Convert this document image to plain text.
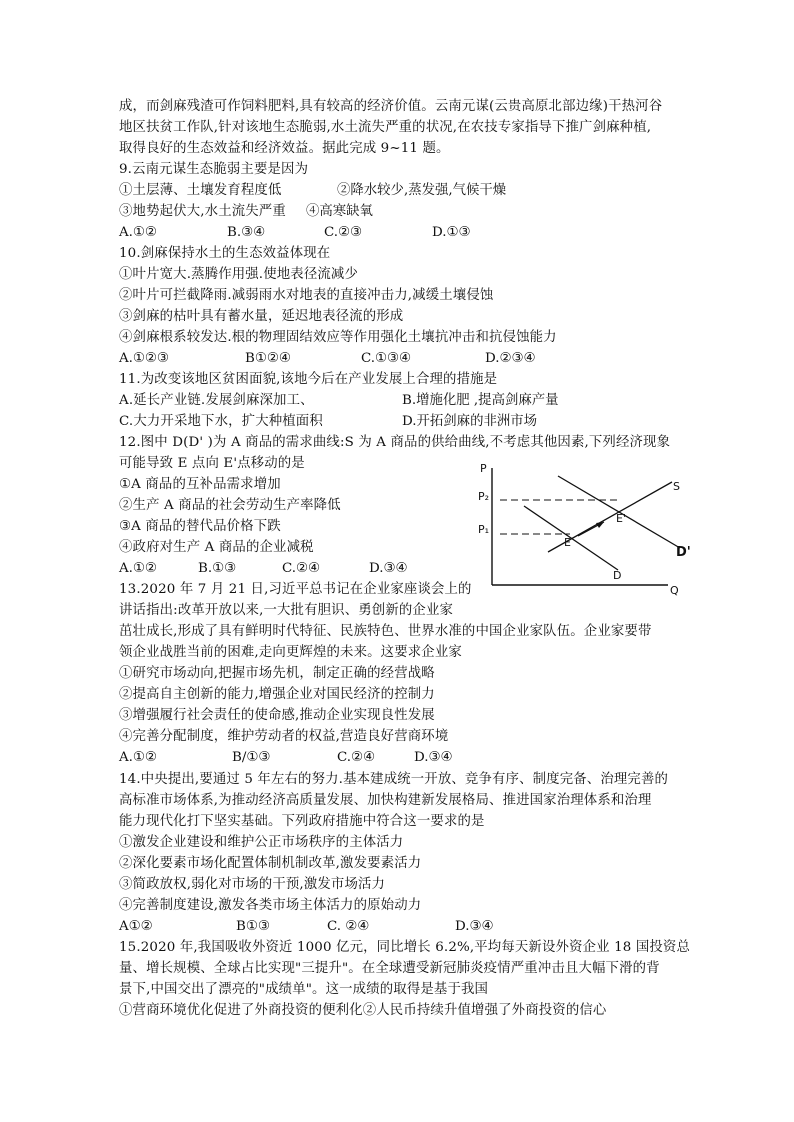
成，而剑麻残渣可作饲料肥料,具有较高的经济价值。云南元谋(云贵高原北部边缘)干热河谷
地区扶贫工作队,针对该地生态脆弱,水土流失严重的状况,在农技专家指导下推广剑麻种植,
取得良好的生态效益和经济效益。据此完成 9~11 题。
9.云南元谋生态脆弱主要是因为
①土层薄、土壤发育程度低	②降水较少,蒸发强,气候干燥
③地势起伏大,水土流失严重 ④高寒缺氧
A.①②	B.③④	C.②③	D.①③
10.剑麻保持水土的生态效益体现在
①叶片宽大.蒸腾作用强.使地表径流减少
②叶片可拦截降雨.减弱雨水对地表的直接冲击力,减缓土壤侵蚀
③剑麻的枯叶具有蓄水量，延迟地表径流的形成
④剑麻根系较发达.根的物理固结效应等作用强化土壤抗冲击和抗侵蚀能力
A.①②③	B①②④	C.①③④	D.②③④
11.为改变该地区贫困面貌,该地今后在产业发展上合理的措施是
A.延长产业链.发展剑麻深加工、	B.增施化肥 ,提高剑麻产量
C.大力开采地下水，扩大种植面积	D.开拓剑麻的非洲市场
12.图中 D(D' )为 A 商品的需求曲线:S 为 A 商品的供给曲线,不考虑其他因素,下列经济现象
可能导致 E 点向 E'点移动的是
①A 商品的互补品需求增加
②生产 A 商品的社会劳动生产率降低
③A 商品的替代品价格下跌
④政府对生产 A 商品的企业减税
A.①②	B.①③	C.②④	D.③④
P
Q
P₂
P₁
E
E'
S
D'
D
13.2020 年 7 月 21 日,习近平总书记在企业家座谈会上的
讲话指出:改革开放以来,一大批有胆识、勇创新的企业家
茁壮成长,形成了具有鲜明时代特征、民族特色、世界水准的中国企业家队伍。企业家要带
领企业战胜当前的困难,走向更辉煌的未来。这要求企业家
①研究市场动向,把握市场先机，制定正确的经营战略
②提高自主创新的能力,增强企业对国民经济的控制力
③增强履行社会责任的使命感,推动企业实现良性发展
④完善分配制度，维护劳动者的权益,营造良好营商环境
A.①②	B/①③	C.②④	D.③④
14.中央提出,要通过 5 年左右的努力.基本建成统一开放、竞争有序、制度完备、治理完善的
高标准市场体系,为推动经济高质量发展、加快构建新发展格局、推进国家治理体系和治理
能力现代化打下坚实基础。下列政府措施中符合这一要求的是
①激发企业建设和维护公正市场秩序的主体活力
②深化要素市场化配置体制机制改革,激发要素活力
③简政放权,弱化对市场的干预,激发市场活力
④完善制度建设,激发各类市场主体活力的原始动力
A①②	B①③	C. ②④	D.③④
15.2020 年,我国吸收外资近 1000 亿元，同比增长 6.2%,平均每天新设外资企业 18 国投资总
量、增长规模、全球占比实现"三提升"。在全球遭受新冠肺炎疫情严重冲击且大幅下滑的背
景下,中国交出了漂亮的"成绩单"。这一成绩的取得是基于我国
①营商环境优化促进了外商投资的便利化②人民币持续升值增强了外商投资的信心
